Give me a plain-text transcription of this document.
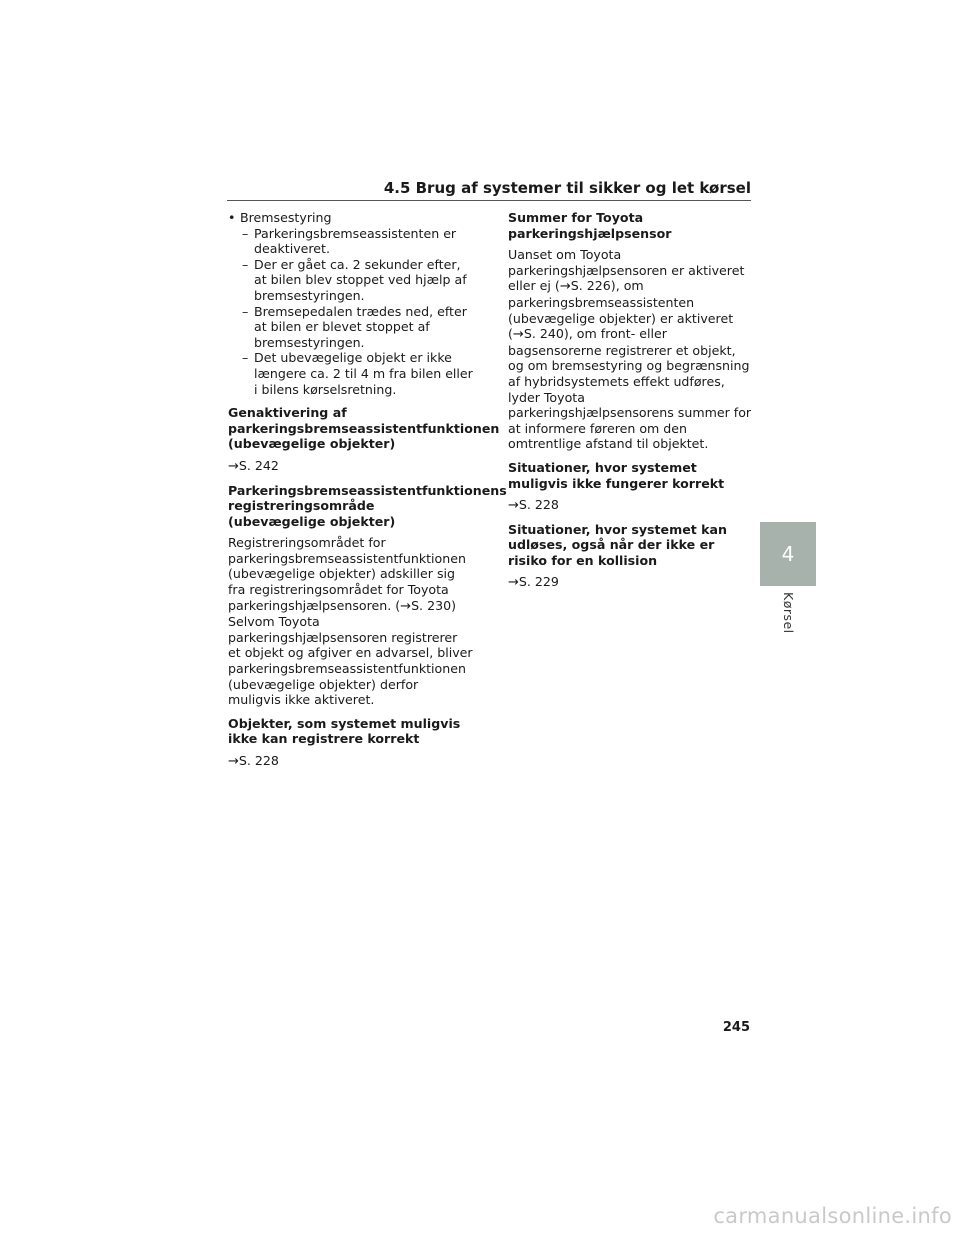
4.5 Brug af systemer til sikker og let kørsel
• Bremsestyring
– Parkeringsbremseassistenten er deaktiveret.
– Der er gået ca. 2 sekunder efter, at bilen blev stoppet ved hjælp af bremsestyringen.
– Bremsepedalen trædes ned, efter at bilen er blevet stoppet af bremsestyringen.
– Det ubevægelige objekt er ikke længere ca. 2 til 4 m fra bilen eller i bilens kørselsretning.
Genaktivering af parkeringsbremseassistentfunktionen (ubevægelige objekter)
→S. 242
Parkeringsbremseassistentfunktionens registreringsområde (ubevægelige objekter)
Registreringsområdet for parkeringsbremseassistentfunktionen (ubevægelige objekter) adskiller sig fra registreringsområdet for Toyota parkeringshjælpsensoren. (→S. 230) Selvom Toyota parkeringshjælpsensoren registrerer et objekt og afgiver en advarsel, bliver parkeringsbremseassistentfunktionen (ubevægelige objekter) derfor muligvis ikke aktiveret.
Objekter, som systemet muligvis ikke kan registrere korrekt
→S. 228
Summer for Toyota parkeringshjælpsensor
Uanset om Toyota parkeringshjælpsensoren er aktiveret eller ej (→S. 226), om parkeringsbremseassistenten (ubevægelige objekter) er aktiveret (→S. 240), om front- eller bagsensorerne registrerer et objekt, og om bremsestyring og begrænsning af hybridsystemets effekt udføres, lyder Toyota parkeringshjælpsensorens summer for at informere føreren om den omtrentlige afstand til objektet.
Situationer, hvor systemet muligvis ikke fungerer korrekt
→S. 228
Situationer, hvor systemet kan udløses, også når der ikke er risiko for en kollision
→S. 229
4
Kørsel
245
carmanualsonline.info
